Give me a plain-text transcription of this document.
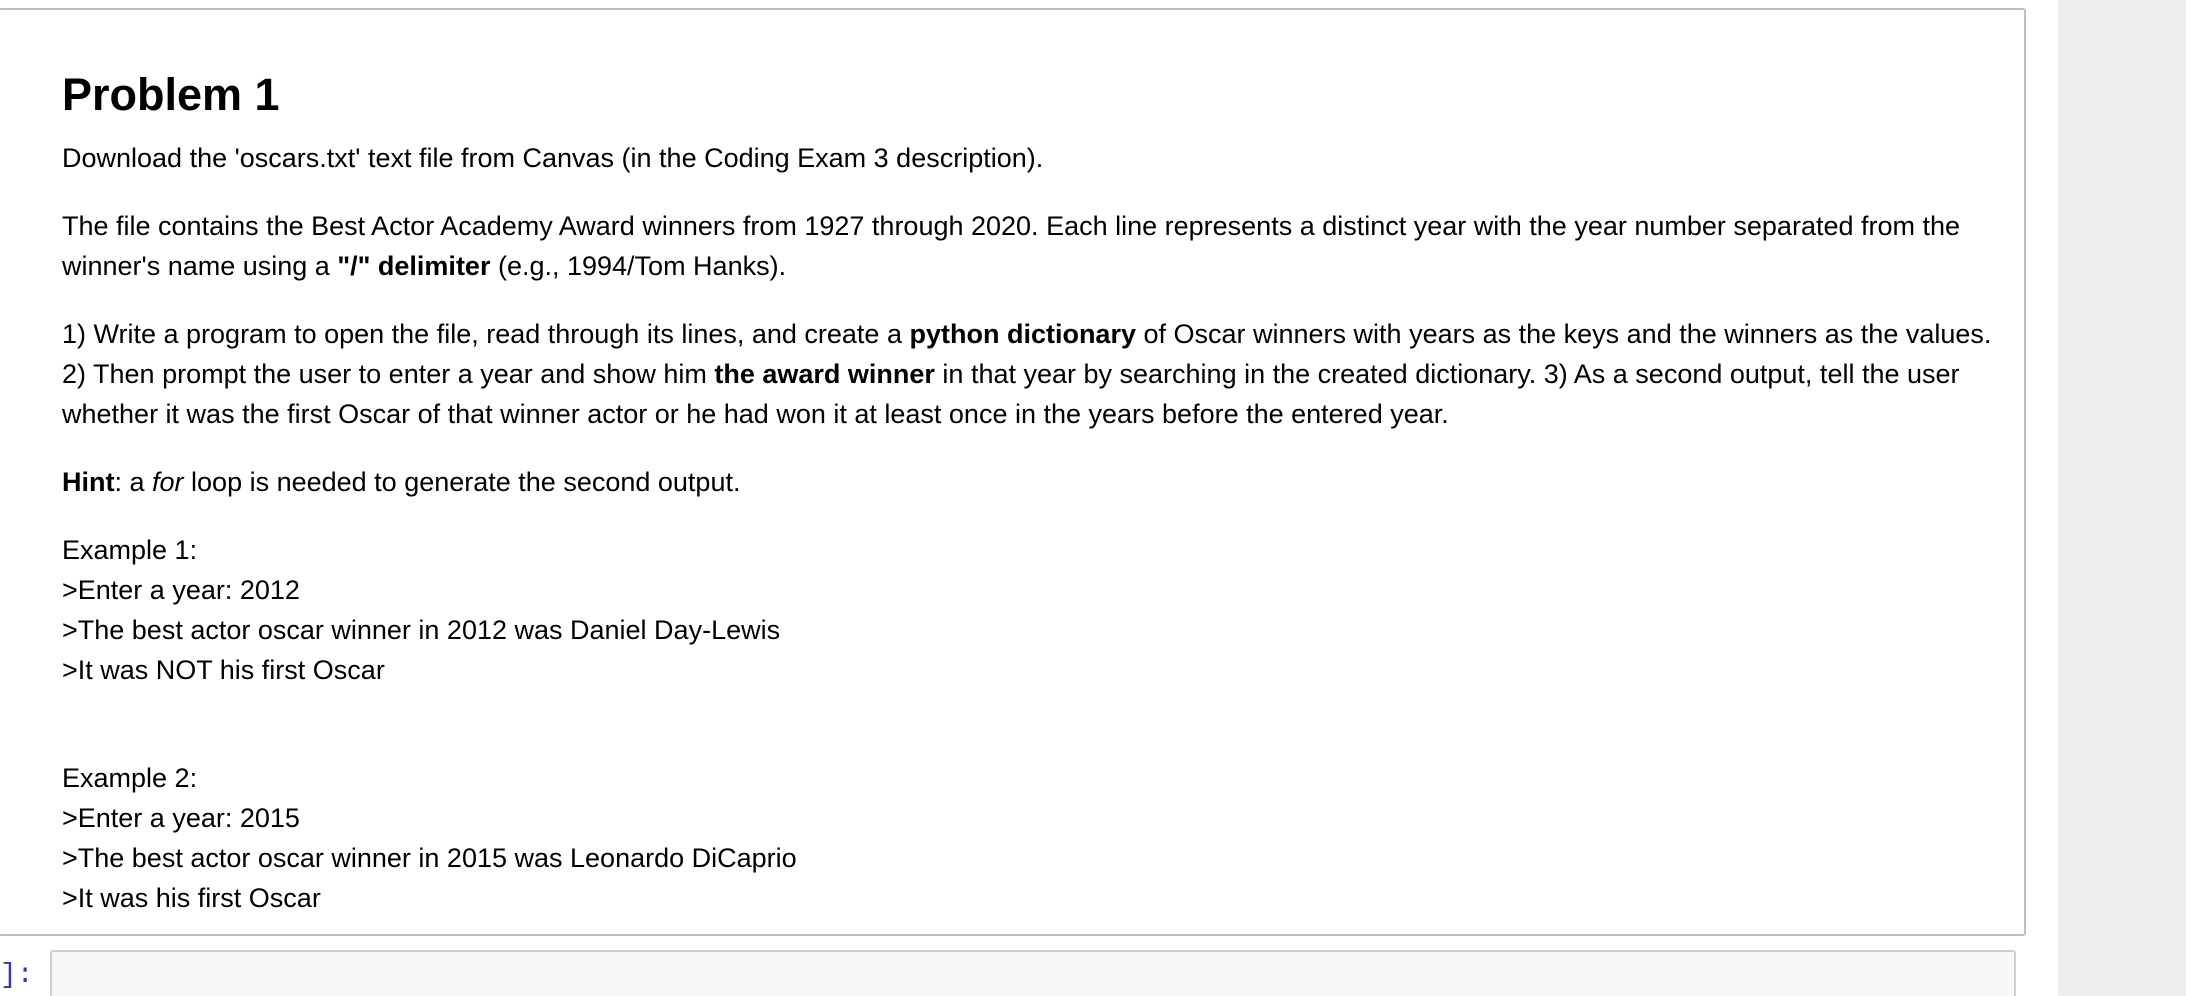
Problem 1

Download the 'oscars.txt' text file from Canvas (in the Coding Exam 3 description).

The file contains the Best Actor Academy Award winners from 1927 through 2020. Each line represents a distinct year with the year number separated from the winner's name using a "/" delimiter (e.g., 1994/Tom Hanks).

1) Write a program to open the file, read through its lines, and create a python dictionary of Oscar winners with years as the keys and the winners as the values. 2) Then prompt the user to enter a year and show him the award winner in that year by searching in the created dictionary. 3) As a second output, tell the user whether it was the first Oscar of that winner actor or he had won it at least once in the years before the entered year.

Hint: a for loop is needed to generate the second output.

Example 1:
>Enter a year: 2012
>The best actor oscar winner in 2012 was Daniel Day-Lewis
>It was NOT his first Oscar

Example 2:
>Enter a year: 2015
>The best actor oscar winner in 2015 was Leonardo DiCaprio
>It was his first Oscar

]:
